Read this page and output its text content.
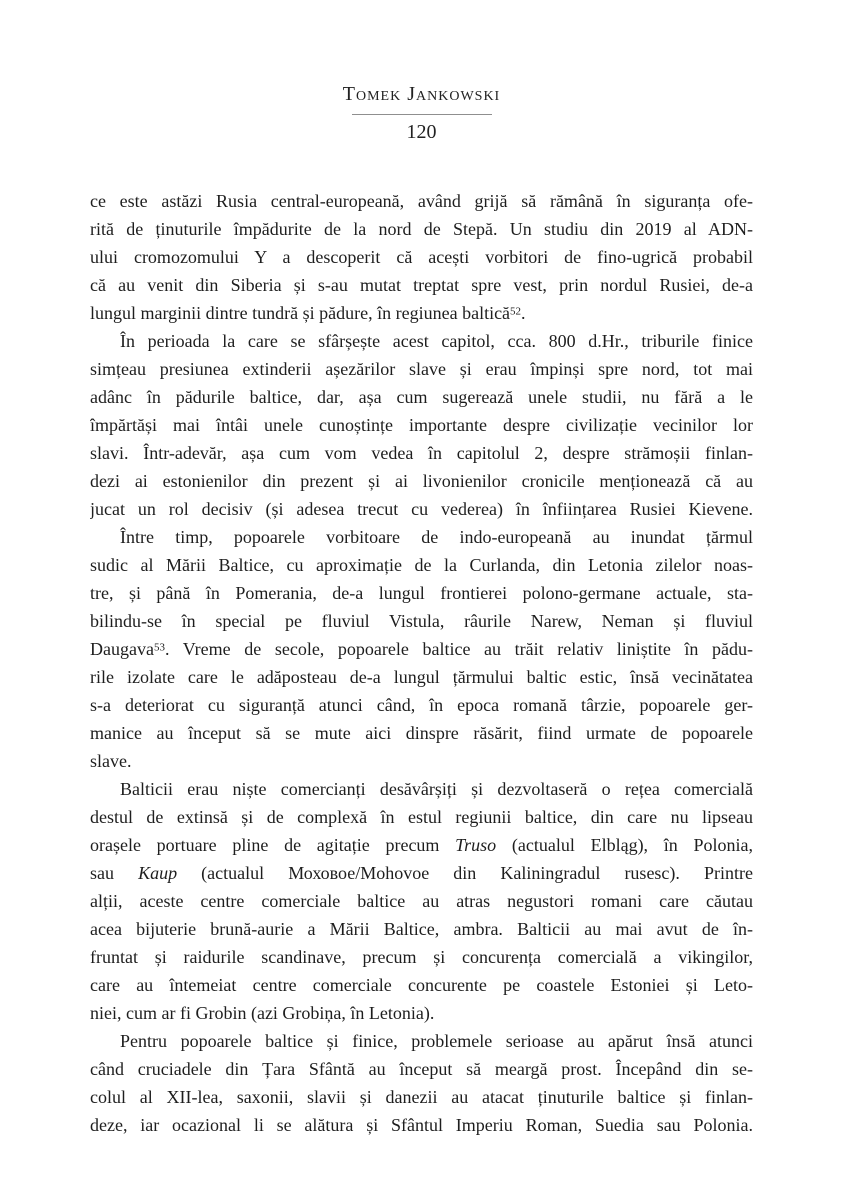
Tomek Jankowski
120
ce este astăzi Rusia central-europeană, având grijă să rămână în siguranța ofe-
rită de ținuturile împădurite de la nord de Stepă. Un studiu din 2019 al ADN-
ului cromozomului Y a descoperit că acești vorbitori de fino-ugrică probabil
că au venit din Siberia și s-au mutat treptat spre vest, prin nordul Rusiei, de-a
lungul marginii dintre tundră și pădure, în regiunea baltică$^{52}$.
În perioada la care se sfârșește acest capitol, cca. 800 d.Hr., triburile finice
simțeau presiunea extinderii așezărilor slave și erau împinși spre nord, tot mai
adânc în pădurile baltice, dar, așa cum sugerează unele studii, nu fără a le
împărtăși mai întâi unele cunoștințe importante despre civilizație vecinilor lor
slavi. Într-adevăr, așa cum vom vedea în capitolul 2, despre strămoșii finlan-
dezi ai estonienilor din prezent și ai livonienilor cronicile menționează că au
jucat un rol decisiv (și adesea trecut cu vederea) în înființarea Rusiei Kievene.
Între timp, popoarele vorbitoare de indo-europeană au inundat țărmul
sudic al Mării Baltice, cu aproximație de la Curlanda, din Letonia zilelor noas-
tre, și până în Pomerania, de-a lungul frontierei polono-germane actuale, sta-
bilindu-se în special pe fluviul Vistula, râurile Narew, Neman și fluviul
Daugava$^{53}$. Vreme de secole, popoarele baltice au trăit relativ liniștite în pădu-
rile izolate care le adăposteau de-a lungul țărmului baltic estic, însă vecinătatea
s-a deteriorat cu siguranță atunci când, în epoca romană târzie, popoarele ger-
manice au început să se mute aici dinspre răsărit, fiind urmate de popoarele
slave.
Balticii erau niște comercianți desăvârșiți și dezvoltaseră o rețea comercială
destul de extinsă și de complexă în estul regiunii baltice, din care nu lipseau
orașele portuare pline de agitație precum Truso (actualul Elbląg), în Polonia,
sau Kaup (actualul Моховое/Mohovoe din Kaliningradul rusesc). Printre
alții, aceste centre comerciale baltice au atras negustori romani care căutau
acea bijuterie brună-aurie a Mării Baltice, ambra. Balticii au mai avut de în-
fruntat și raidurile scandinave, precum și concurența comercială a vikingilor,
care au întemeiat centre comerciale concurente pe coastele Estoniei și Leto-
niei, cum ar fi Grobin (azi Grobiņa, în Letonia).
Pentru popoarele baltice și finice, problemele serioase au apărut însă atunci
când cruciadele din Țara Sfântă au început să meargă prost. Începând din se-
colul al XII-lea, saxonii, slavii și danezii au atacat ținuturile baltice și finlan-
deze, iar ocazional li se alătura și Sfântul Imperiu Roman, Suedia sau Polonia.
